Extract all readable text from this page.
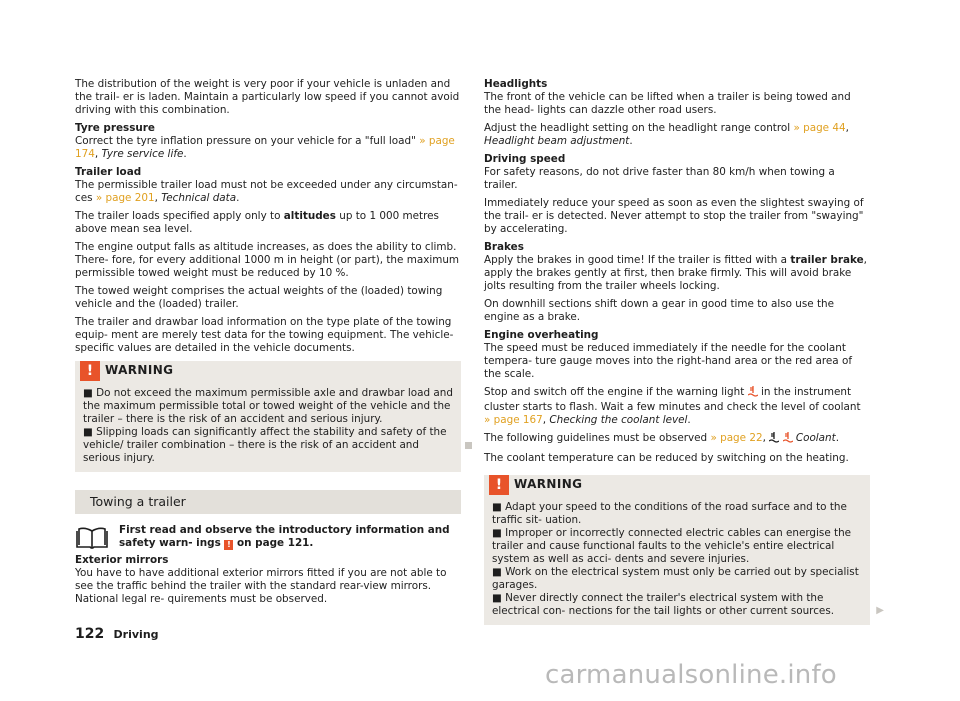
The distribution of the weight is very poor if your vehicle is unladen and the trail- er is laden. Maintain a particularly low speed if you cannot avoid driving with this combination.

Tyre pressure
Correct the tyre inflation pressure on your vehicle for a "full load" » page 174, Tyre service life.

Trailer load
The permissible trailer load must not be exceeded under any circumstan- ces » page 201, Technical data.

The trailer loads specified apply only to altitudes up to 1 000 metres above mean sea level.

The engine output falls as altitude increases, as does the ability to climb. There- fore, for every additional 1000 m in height (or part), the maximum permissible towed weight must be reduced by 10 %.

The towed weight comprises the actual weights of the (loaded) towing vehicle and the (loaded) trailer.

The trailer and drawbar load information on the type plate of the towing equip- ment are merely test data for the towing equipment. The vehicle-specific values are detailed in the vehicle documents.

! WARNING
■ Do not exceed the maximum permissible axle and drawbar load and the maximum permissible total or towed weight of the vehicle and the trailer – there is the risk of an accident and serious injury.
■ Slipping loads can significantly affect the stability and safety of the vehicle/ trailer combination – there is the risk of an accident and serious injury.
Towing a trailer
First read and observe the introductory information and safety warn- ings ! on page 121.

Exterior mirrors
You have to have additional exterior mirrors fitted if you are not able to see the traffic behind the trailer with the standard rear-view mirrors. National legal re- quirements must be observed.

Headlights
The front of the vehicle can be lifted when a trailer is being towed and the head- lights can dazzle other road users.

Adjust the headlight setting on the headlight range control » page 44, Headlight beam adjustment.

Driving speed
For safety reasons, do not drive faster than 80 km/h when towing a trailer.

Immediately reduce your speed as soon as even the slightest swaying of the trail- er is detected. Never attempt to stop the trailer from "swaying" by accelerating.

Brakes
Apply the brakes in good time! If the trailer is fitted with a trailer brake, apply the brakes gently at first, then brake firmly. This will avoid brake jolts resulting from the trailer wheels locking.

On downhill sections shift down a gear in good time to also use the engine as a brake.

Engine overheating
The speed must be reduced immediately if the needle for the coolant tempera- ture gauge moves into the right-hand area or the red area of the scale.

Stop and switch off the engine if the warning light in the instrument cluster starts to flash. Wait a few minutes and check the level of coolant » page 167, Checking the coolant level.

The following guidelines must be observed » page 22,	Coolant.

The coolant temperature can be reduced by switching on the heating.

! WARNING
■ Adapt your speed to the conditions of the road surface and to the traffic sit- uation.
■ Improper or incorrectly connected electric cables can energise the trailer and cause functional faults to the vehicle's entire electrical system as well as acci- dents and severe injuries.
■ Work on the electrical system must only be carried out by specialist garages.
■ Never directly connect the trailer's electrical system with the electrical con- nections for the tail lights or other current sources.	▶
122 Driving
carmanualsonline.info
